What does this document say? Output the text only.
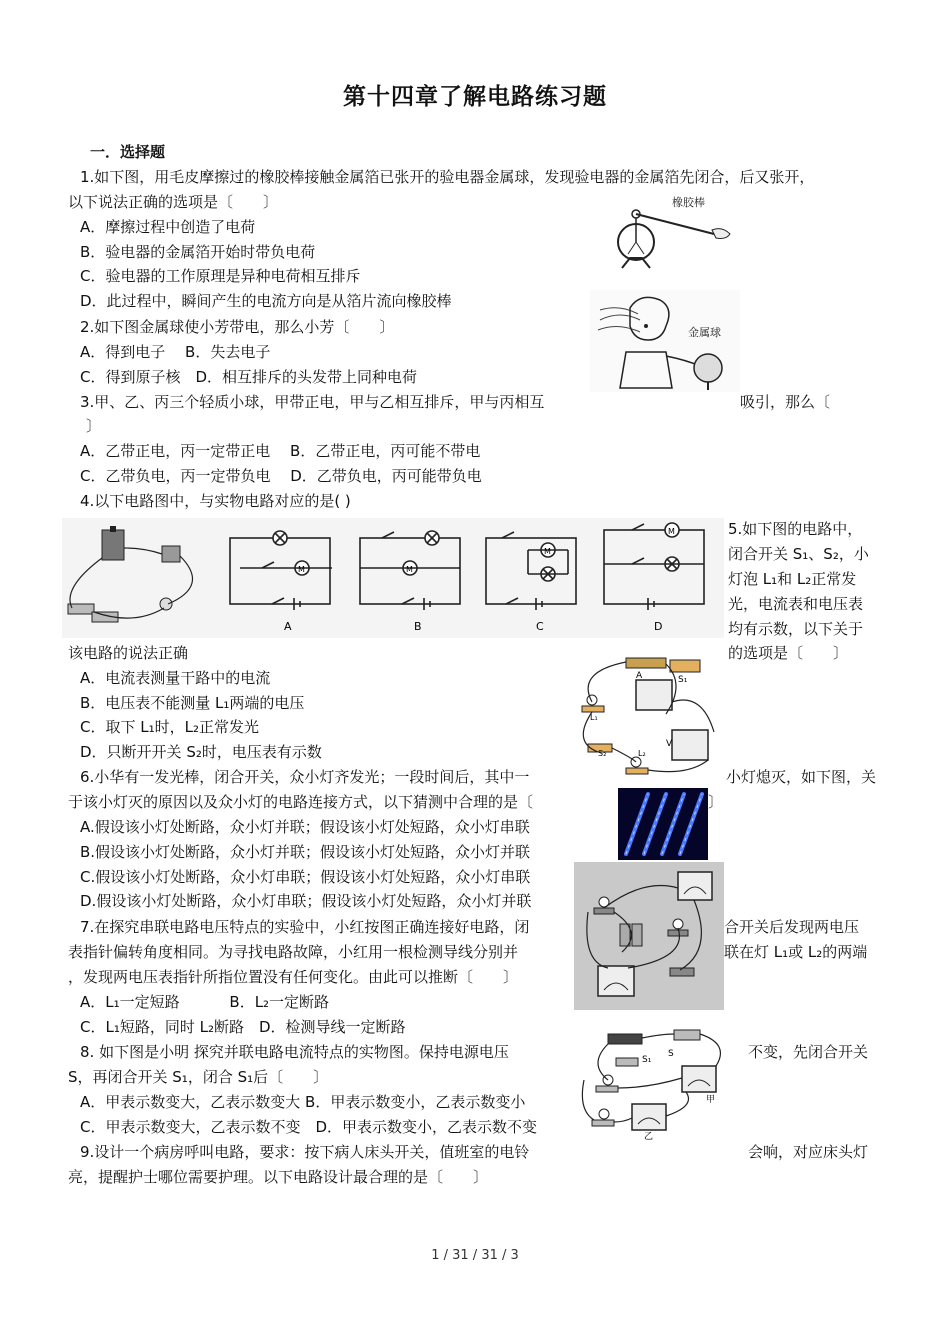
第十四章了解电路练习题
一．选择题
1.如下图，用毛皮摩擦过的橡胶棒接触金属箔已张开的验电器金属球，发现验电器的金属箔先闭合，后又张开，
以下说法正确的选项是〔　　〕
A．摩擦过程中创造了电荷
B．验电器的金属箔开始时带负电荷
C．验电器的工作原理是异种电荷相互排斥
D．此过程中，瞬间产生的电流方向是从箔片流向橡胶棒
橡胶棒
2.如下图金属球使小芳带电，那么小芳〔　　〕
A．得到电子　 B．失去电子
C．得到原子核　D．相互排斥的头发带上同种电荷
金属球
3.甲、乙、丙三个轻质小球，甲带正电，甲与乙相互排斥，甲与丙相互	吸引，那么〔
〕
A．乙带正电，丙一定带正电　 B．乙带正电，丙可能不带电
C．乙带负电，丙一定带负电　 D．乙带负电，丙可能带负电
4.以下电路图中，与实物电路对应的是( )
M
A
M
B
M
C
M
D
5.如下图的电路中，
闭合开关 S₁、S₂，小
灯泡 L₁和 L₂正常发
光，电流表和电压表
均有示数，以下关于
该电路的说法正确	的选项是〔　　〕
A．电流表测量干路中的电流
B．电压表不能测量 L₁两端的电压
C．取下 L₁时，L₂正常发光
D．只断开开关 S₂时，电压表有示数
A
V
L₁
S₂	L₂
S₁
6.小华有一发光棒，闭合开关，众小灯齐发光；一段时间后，其中一	小灯熄灭，如下图，关
于该小灯灭的原因以及众小灯的电路连接方式，以下猜测中合理的是〔	〕
A.假设该小灯处断路，众小灯并联；假设该小灯处短路，众小灯串联
B.假设该小灯处断路，众小灯并联；假设该小灯处短路，众小灯并联
C.假设该小灯处断路，众小灯串联；假设该小灯处短路，众小灯串联
D.假设该小灯处断路，众小灯串联；假设该小灯处短路，众小灯并联
7.在探究串联电路电压特点的实验中，小红按图正确连接好电路，闭	合开关后发现两电压
表指针偏转角度相同。为寻找电路故障，小红用一根检测导线分别并	联在灯 L₁或 L₂的两端
，发现两电压表指针所指位置没有任何变化。由此可以推断〔　　〕
A．L₁一定短路　　　 B．L₂一定断路
C．L₁短路，同时 L₂断路　D．检测导线一定断路
8. 如下图是小明 探究并联电路电流特点的实物图。保持电源电压	不变，先闭合开关
S，再闭合开关 S₁，闭合 S₁后〔　　〕
A．甲表示数变大，乙表示数变大 B．甲表示数变小，乙表示数变小
C．甲表示数变大，乙表示数不变　D．甲表示数变小，乙表示数不变
S
S₁
甲
乙
9.设计一个病房呼叫电路，要求：按下病人床头开关，值班室的电铃	会响，对应床头灯
亮，提醒护士哪位需要护理。以下电路设计最合理的是〔　　〕
1 / 31 / 31 / 3
